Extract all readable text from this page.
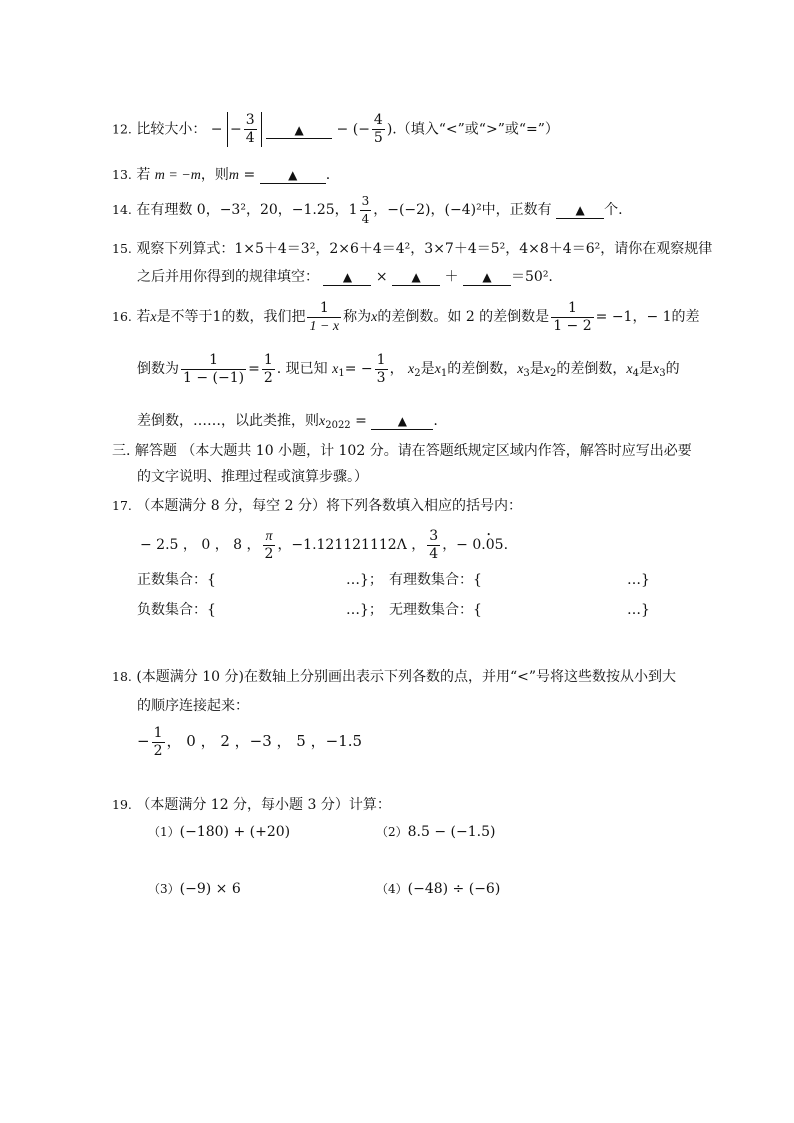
12. 比较大小： − − $\frac{3}{4}$	▲ − (− $\frac{4}{5}$ ).（填入“<”或“>”或“=”）
13. 若 m = −m，则m =	▲ .
14. 在有理数 0，−3²，20，−1.25，$1 \frac{3}{4}$ ，−(−2)，(−4)²中，正数有 ▲ 个.
15. 观察下列算式：1×5＋4＝3²，2×6＋4＝4²，3×7＋4＝5²，4×8＋4＝6²，请你在观察规律
之后并用你得到的规律填空： ▲ × ▲ ＋ ▲ ＝50².
16. 若x是不等于1的数，我们把 $\frac{1}{1 - x}$ 称为x的差倒数。如 2 的差倒数是 $\frac{1}{1 - 2} = -1$，− 1的差
倒数为 $\frac{1}{1 - (-1)} = \frac{1}{2}$ . 现已知 $x_1= - \frac{1}{3}$ ， $x_2$是$x_1$的差倒数，$x_3$是$x_2$的差倒数，$x_4$是$x_3$的
差倒数，……，以此类推，则$x_{2022}$ =	▲ .
三. 解答题 （本大题共 10 小题，计 102 分。请在答题纸规定区域内作答，解答时应写出必要
的文字说明、推理过程或演算步骤。）
17. （本题满分 8 分，每空 2 分）将下列各数填入相应的括号内：
− 2.5 ， 0 ， 8 ， $\frac{\pi}{2}$ ，−1.121121112Λ ， $\frac{3}{4}$ ，− 0.0• 5.
正数集合：{	…}； 有理数集合：{	…}
负数集合：{	…}； 无理数集合：{	…}
18. (本题满分 10 分)在数轴上分别画出表示下列各数的点，并用“<”号将这些数按从小到大
的顺序连接起来：
− $\frac{1}{2}$ ， 0 ， 2 ，−3 ， 5 ，−1.5
19. （本题满分 12 分，每小题 3 分）计算：
（1）(−180) + (+20)	（2）8.5 − (−1.5)
（3）(−9) × 6	（4）(−48) ÷ (−6)
